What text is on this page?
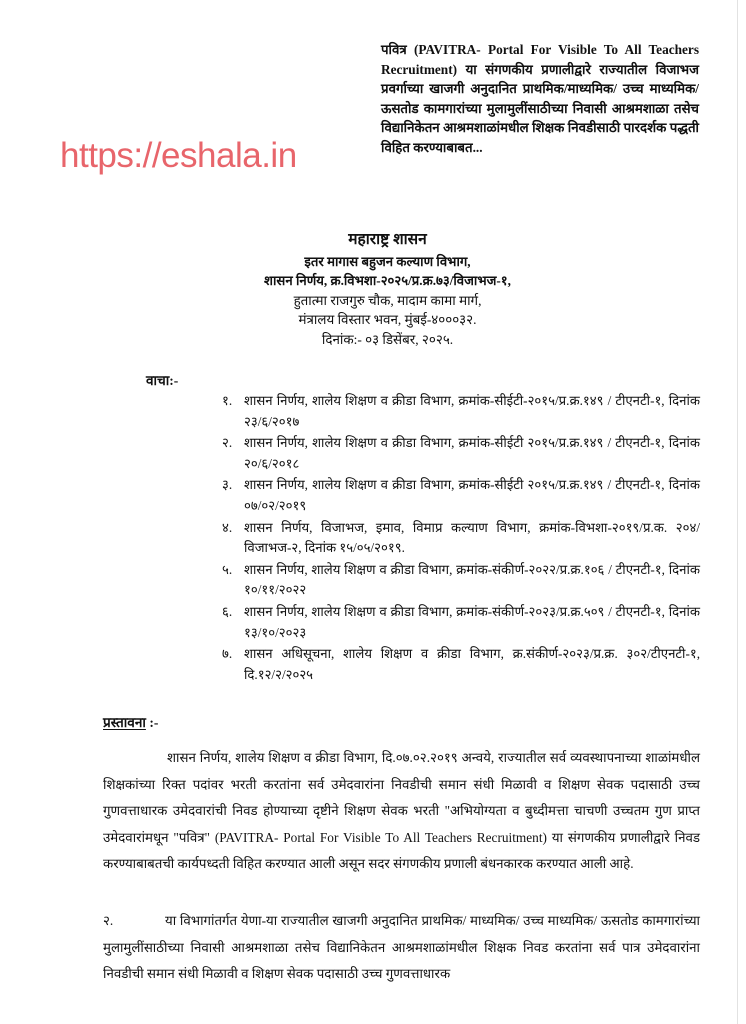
https://eshala.in
पवित्र (PAVITRA- Portal For Visible To All Teachers Recruitment) या संगणकीय प्रणालीद्वारे राज्यातील विजाभज प्रवर्गाच्या खाजगी अनुदानित प्राथमिक/माध्यमिक/ उच्च माध्यमिक/ ऊसतोड कामगारांच्या मुलामुलींसाठीच्या निवासी आश्रमशाळा तसेच विद्यानिकेतन आश्रमशाळांमधील शिक्षक निवडीसाठी पारदर्शक पद्धती विहित करण्याबाबत...
महाराष्ट्र शासन
इतर मागास बहुजन कल्याण विभाग,
शासन निर्णय, क्र.विभशा-२०२५/प्र.क्र.७३/विजाभज-१,
हुतात्मा राजगुरु चौक, मादाम कामा मार्ग,
मंत्रालय विस्तार भवन, मुंबई-४०००३२.
दिनांक:- ०३ डिसेंबर, २०२५.
वाचा:-
१. शासन निर्णय, शालेय शिक्षण व क्रीडा विभाग, क्रमांक-सीईटी-२०१५/प्र.क्र.१४९ / टीएनटी-१, दिनांक २३/६/२०१७
२. शासन निर्णय, शालेय शिक्षण व क्रीडा विभाग, क्रमांक-सीईटी २०१५/प्र.क्र.१४९ / टीएनटी-१, दिनांक २०/६/२०१८
३. शासन निर्णय, शालेय शिक्षण व क्रीडा विभाग, क्रमांक-सीईटी २०१५/प्र.क्र.१४९ / टीएनटी-१, दिनांक ०७/०२/२०१९
४. शासन निर्णय, विजाभज, इमाव, विमाप्र कल्याण विभाग, क्रमांक-विभशा-२०१९/प्र.क. २०४/विजाभज-२, दिनांक १५/०५/२०१९.
५. शासन निर्णय, शालेय शिक्षण व क्रीडा विभाग, क्रमांक-संकीर्ण-२०२२/प्र.क्र.१०६ / टीएनटी-१, दिनांक १०/११/२०२२
६. शासन निर्णय, शालेय शिक्षण व क्रीडा विभाग, क्रमांक-संकीर्ण-२०२३/प्र.क्र.५०९ / टीएनटी-१, दिनांक १३/१०/२०२३
७. शासन अधिसूचना, शालेय शिक्षण व क्रीडा विभाग, क्र.संकीर्ण-२०२३/प्र.क्र. ३०२/टीएनटी-१, दि.१२/२/२०२५
प्रस्तावना :-
शासन निर्णय, शालेय शिक्षण व क्रीडा विभाग, दि.०७.०२.२०१९ अन्वये, राज्यातील सर्व व्यवस्थापनाच्या शाळांमधील शिक्षकांच्या रिक्त पदांवर भरती करतांना सर्व उमेदवारांना निवडीची समान संधी मिळावी व शिक्षण सेवक पदासाठी उच्च गुणवत्ताधारक उमेदवारांची निवड होण्याच्या दृष्टीने शिक्षण सेवक भरती "अभियोग्यता व बुध्दीमत्ता चाचणी उच्चतम गुण प्राप्त उमेदवारांमधून "पवित्र" (PAVITRA- Portal For Visible To All Teachers Recruitment) या संगणकीय प्रणालीद्वारे निवड करण्याबाबतची कार्यपध्दती विहित करण्यात आली असून सदर संगणकीय प्रणाली बंधनकारक करण्यात आली आहे.
२.	या विभागांतर्गत येणा-या राज्यातील खाजगी अनुदानित प्राथमिक/ माध्यमिक/ उच्च माध्यमिक/ ऊसतोड कामगारांच्या मुलामुलींसाठीच्या निवासी आश्रमशाळा तसेच विद्यानिकेतन आश्रमशाळांमधील शिक्षक निवड करतांना सर्व पात्र उमेदवारांना निवडीची समान संधी मिळावी व शिक्षण सेवक पदासाठी उच्च गुणवत्ताधारक
